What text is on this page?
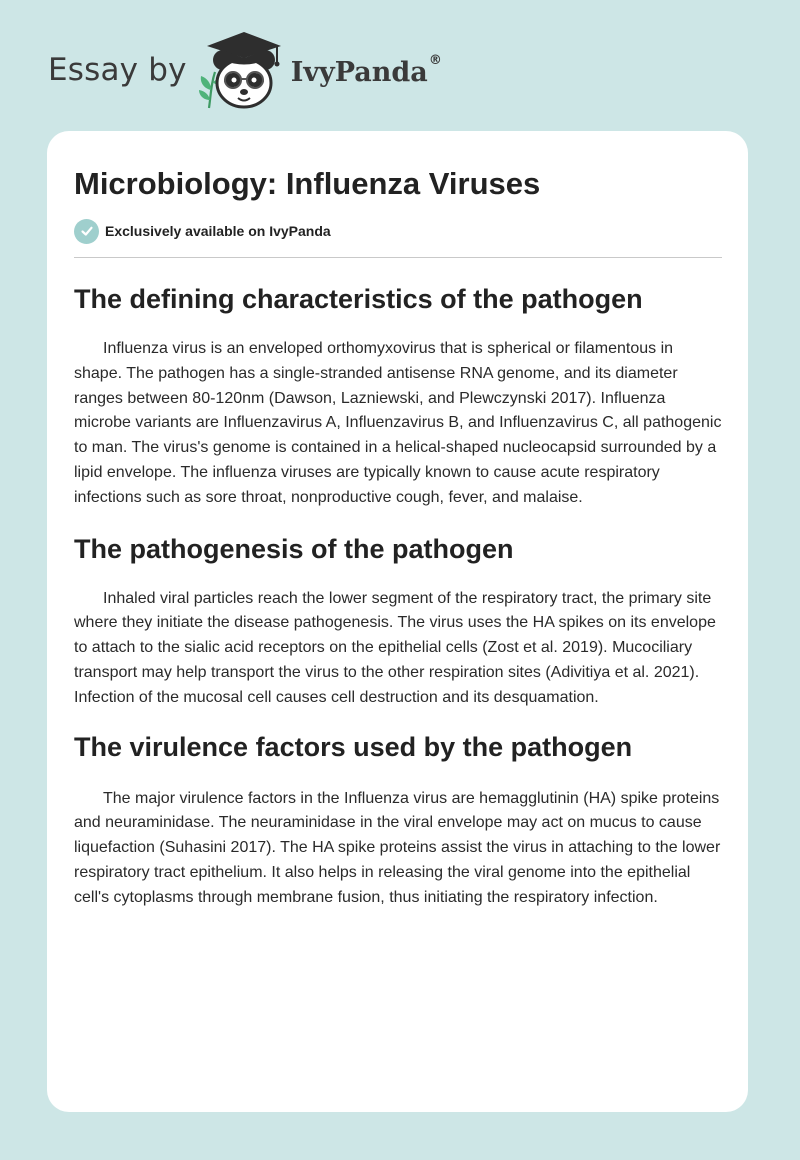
Essay by	IvyPanda®
Microbiology: Influenza Viruses
Exclusively available on IvyPanda
The defining characteristics of the pathogen

Influenza virus is an enveloped orthomyxovirus that is spherical or filamentous in shape. The pathogen has a single-stranded antisense RNA genome, and its diameter ranges between 80-120nm (Dawson, Lazniewski, and Plewczynski 2017). Influenza microbe variants are Influenzavirus A, Influenzavirus B, and Influenzavirus C, all pathogenic to man. The virus's genome is contained in a helical-shaped nucleocapsid surrounded by a lipid envelope. The influenza viruses are typically known to cause acute respiratory infections such as sore throat, nonproductive cough, fever, and malaise.

The pathogenesis of the pathogen

Inhaled viral particles reach the lower segment of the respiratory tract, the primary site where they initiate the disease pathogenesis. The virus uses the HA spikes on its envelope to attach to the sialic acid receptors on the epithelial cells (Zost et al. 2019). Mucociliary transport may help transport the virus to the other respiration sites (Adivitiya et al. 2021). Infection of the mucosal cell causes cell destruction and its desquamation.

The virulence factors used by the pathogen

The major virulence factors in the Influenza virus are hemagglutinin (HA) spike proteins and neuraminidase. The neuraminidase in the viral envelope may act on mucus to cause liquefaction (Suhasini 2017). The HA spike proteins assist the virus in attaching to the lower respiratory tract epithelium. It also helps in releasing the viral genome into the epithelial cell's cytoplasms through membrane fusion, thus initiating the respiratory infection.
